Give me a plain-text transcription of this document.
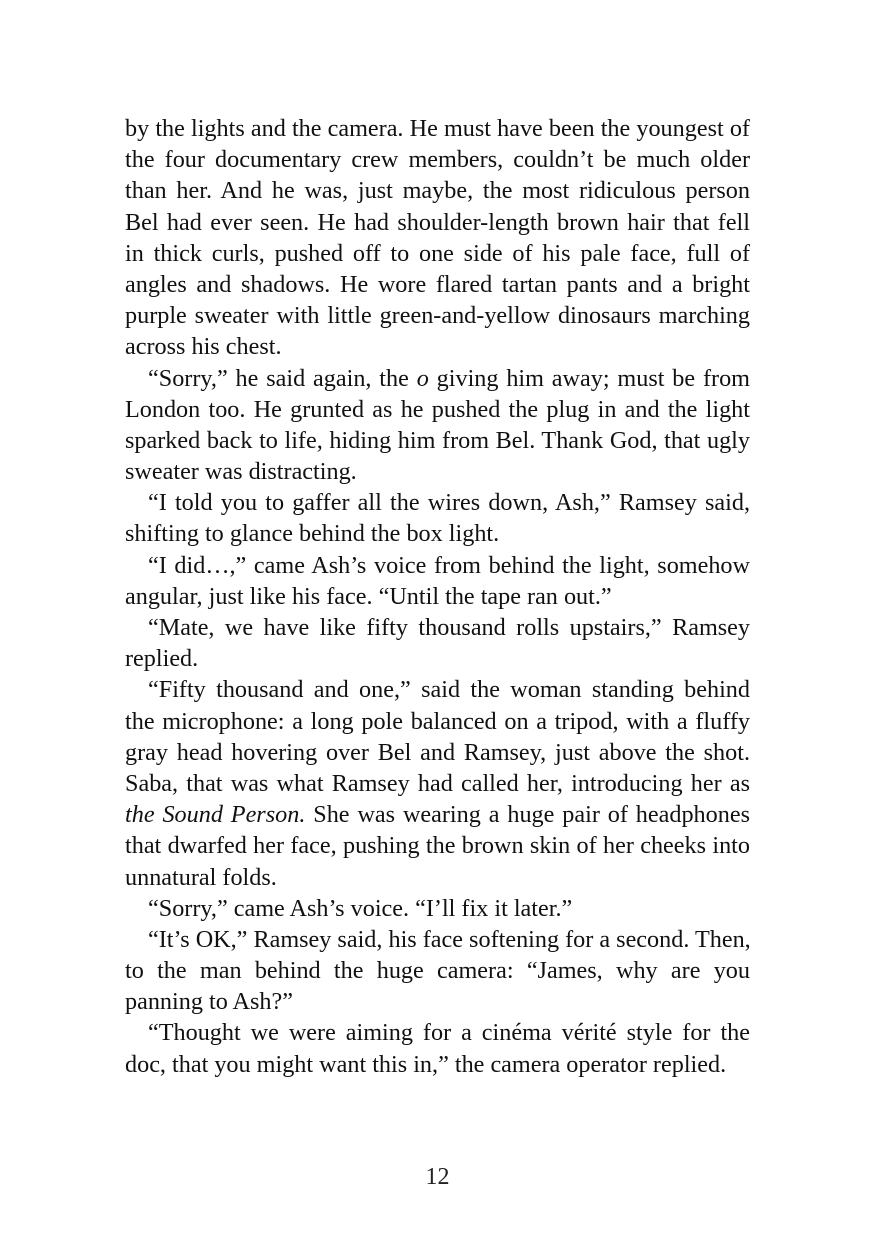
by the lights and the camera. He must have been the youngest of
the four documentary crew members, couldn’t be much older
than her. And he was, just maybe, the most ridiculous person
Bel had ever seen. He had shoulder-length brown hair that fell
in thick curls, pushed off to one side of his pale face, full of
angles and shadows. He wore flared tartan pants and a bright
purple sweater with little green-and-yellow dinosaurs marching
across his chest.
“Sorry,” he said again, the o giving him away; must be from
London too. He grunted as he pushed the plug in and the light
sparked back to life, hiding him from Bel. Thank God, that ugly
sweater was distracting.
“I told you to gaffer all the wires down, Ash,” Ramsey said,
shifting to glance behind the box light.
“I did…,” came Ash’s voice from behind the light, somehow
angular, just like his face. “Until the tape ran out.”
“Mate, we have like fifty thousand rolls upstairs,” Ramsey
replied.
“Fifty thousand and one,” said the woman standing behind
the microphone: a long pole balanced on a tripod, with a fluffy
gray head hovering over Bel and Ramsey, just above the shot.
Saba, that was what Ramsey had called her, introducing her as
the Sound Person. She was wearing a huge pair of headphones
that dwarfed her face, pushing the brown skin of her cheeks into
unnatural folds.
“Sorry,” came Ash’s voice. “I’ll fix it later.”
“It’s OK,” Ramsey said, his face softening for a second. Then,
to the man behind the huge camera: “James, why are you
panning to Ash?”
“Thought we were aiming for a cinéma vérité style for the
doc, that you might want this in,” the camera operator replied.
12
